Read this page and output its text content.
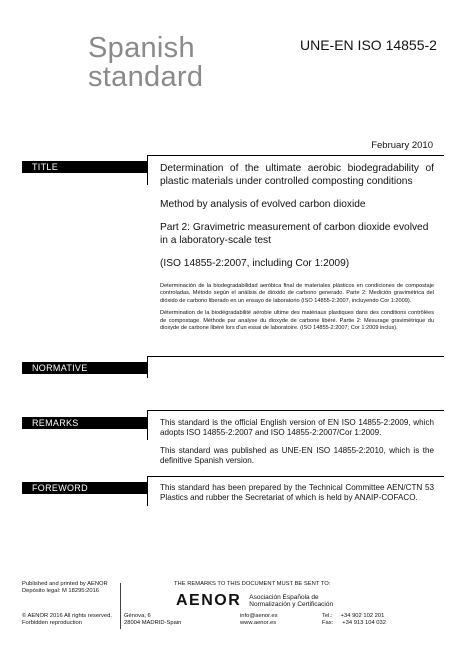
Spanish
standard
UNE-EN ISO 14855-2
February 2010
TITLE	Determination of the ultimate aerobic biodegradability of plastic materials under controlled composting conditions

Method by analysis of evolved carbon dioxide

Part 2: Gravimetric measurement of carbon dioxide evolved in a laboratory-scale test

(ISO 14855-2:2007, including Cor 1:2009)

Determinación de la biodegradabilidad aeróbica final de materiales plásticos en condiciones de compostaje controladas. Método según el análisis de dióxido de carbono generado. Parte 2: Medición gravimétrica del dióxido de carbono liberado en un ensayo de laboratorio (ISO 14855-2:2007, incluyendo Cor 1:2009).

Détermination de la biodégradabilité aérobie ultime des matériaux plastiques dans des conditions contrôlées de compostage. Méthode par analyse du dioxyde de carbone libéré. Partie 2: Mesurage gravimétrique du dioxyde de carbone libéré lors d'un essai de laboratoire. (ISO 14855-2:2007; Cor 1:2009 inclus).

NORMATIVE
REMARKS	This standard is the official English version of EN ISO 14855-2:2009, which adopts ISO 14855-2:2007 and ISO 14855-2:2007/Cor 1:2009.

This standard was published as UNE-EN ISO 14855-2:2010, which is the definitive Spanish version.

FOREWORD	This standard has been prepared by the Technical Committee AEN/CTN 53 Plastics and rubber the Secretariat of which is held by ANAIP-COFACO.

Published and printed by AENOR
Depósito legal: M 18295:2016
THE REMARKS TO THIS DOCUMENT MUST BE SENT TO:
AENOR Asociación Española de
Normalización y Certificación
© AENOR 2016 All rights reserved.
Forbidden reproduction
Génova, 6
28004 MADRID-Spain
info@aenor.es
www.aenor.es
Tel.: +34 902 102 201
Fax: +34 913 104 032
